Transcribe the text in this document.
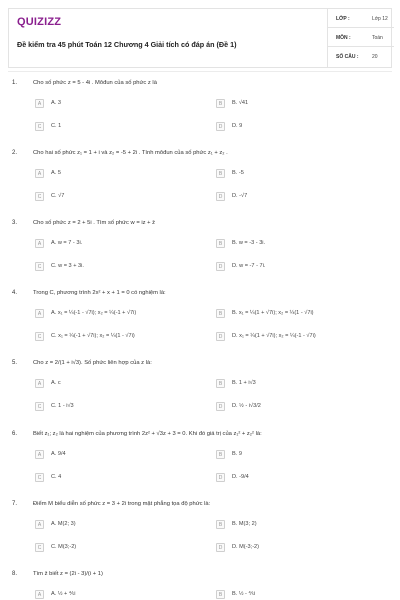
QUIZIZZ
Đề kiểm tra 45 phút Toán 12 Chương 4 Giải tích có đáp án (Đề 1)
LỚP :	Lớp 12
MÔN :	Toán
SỐ CÂU :	20
1.	Cho số phức z = 5 - 4i . Môđun của số phức z là
A	A. 3	B	B. √41
C	C. 1	D	D. 9
2.	Cho hai số phức z₁ = 1 + i và z₂ = -5 + 2i . Tính môđun của số phức z₁ + z₂ .
A	A. 5	B	B. -5
C	C. √7	D	D. -√7
3.	Cho số phức z = 2 + 5i . Tìm số phức w = iz + z̄
A	A. w = 7 - 3i.	B	B. w = -3 - 3i.
C	C. w = 3 + 3i.	D	D. w = -7 - 7i.
4.	Trong C, phương trình 2x² + x + 1 = 0 có nghiệm là:
A	A. x₁ = ¼(-1 - √7i); x₂ = ¼(-1 + √7i)	B	B. x₁ = ¼(1 + √7i); x₂ = ¼(1 - √7i)
C	C. x₁ = ¼(-1 + √7i); x₂ = ¼(1 - √7i)	D	D. x₁ = ¼(1 + √7i); x₂ = ¼(-1 - √7i)
5.	Cho z = 2/(1 + i√3). Số phức liên hợp của z là:
A	A. c	B	B. 1 + i√3
C	C. 1 - i√3	D	D. ½ - i√3/2
6.	Biết z₁; z₂ là hai nghiệm của phương trình 2z² + √3z + 3 = 0. Khi đó giá trị của z₁² + z₂² là:
A	A. 9/4	B	B. 9
C	C. 4	D	D. -9/4
7.	Điểm M biểu diễn số phức z = 3 + 2i trong mặt phẳng tọa độ phức là:
A	A. M(2; 3)	B	B. M(3; 2)
C	C. M(3;-2)	D	D. M(-3;-2)
8.	Tìm z̄ biết z = (2i - 3)/(i + 1)
A	A. ½ + ⅘i	B	B. ½ - ⅘i
